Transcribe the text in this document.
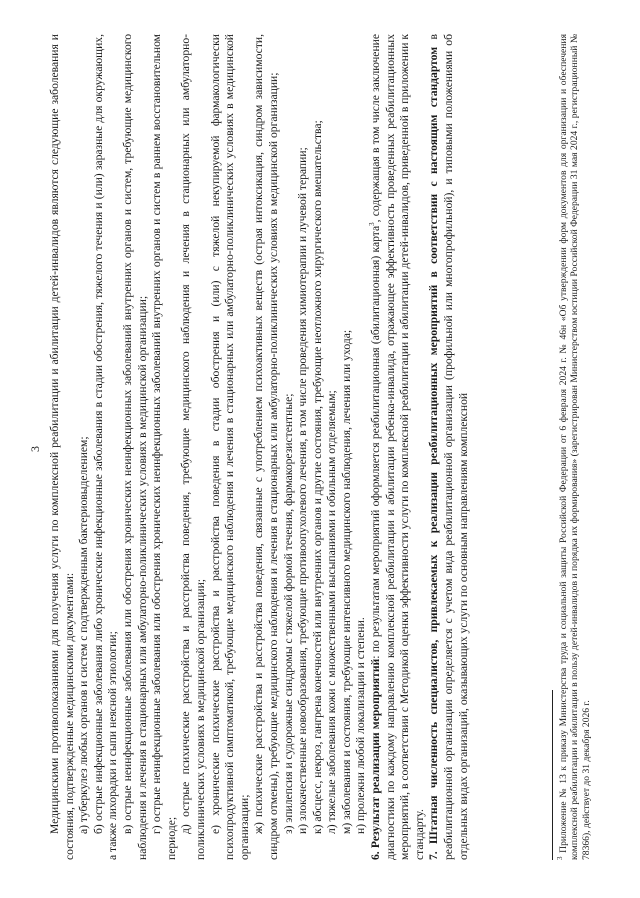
3 Медицинскими противопоказаниями для получения услуги по комплексной реабилитации и абилитации детей-инвалидов являются следующие заболевания и состояния, подтвержденные медицинскими документами: а) туберкулез любых органов и систем с подтвержденным бактериовыделением; б) острые инфекционные заболевания либо хронические инфекционные заболевания в стадии обострения, тяжелого течения и (или) заразные для окружающих, а также лихорадки и сыпи неясной этиологии; в) острые неинфекционные заболевания или обострения хронических неинфекционных заболеваний внутренних органов и систем, требующие медицинского наблюдения и лечения в стационарных или амбулаторно-поликлинических условиях в медицинской организации; г) острые неинфекционные заболевания или обострения хронических неинфекционных заболеваний внутренних органов и систем в раннем восстановительном периоде;

д) острые психические расстройства и расстройства поведения, требующие медицинского наблюдения и лечения в стационарных или амбулаторно-поликлинических условиях в медицинской организации; е) хронические психические расстройства и расстройства поведения в стадии обострения и (или) с тяжелой некупируемой фармакологически психопродуктивной симптоматикой, требующие медицинского наблюдения и лечения в стационарных или амбулаторно-поликлинических условиях в медицинской организации; ж) психические расстройства и расстройства поведения, связанные с употреблением психоактивных веществ (острая интоксикация, синдром зависимости, синдром отмены), требующие медицинского наблюдения и лечения в стационарных или амбулаторно-поликлинических условиях в медицинской организации; з) эпилепсия и судорожные синдромы с тяжелой формой течения, фармакорезистентные; и) злокачественные новообразования, требующие противоопухолевого лечения, в том числе проведения химиотерапии и лучевой терапии; к) абсцесс, некроз, гангрена конечностей или внутренних органов и другие состояния, требующие неотложного хирургического вмешательства; л) тяжелые заболевания кожи с множественными высыпаниями и обильным отделяемым; м) заболевания и состояния, требующие интенсивного медицинского наблюдения, лечения или ухода; н) пролежни любой локализации и степени. 6. Результат реализации мероприятий: по результатам мероприятий оформляется реабилитационная (абилитационная) карта$^3$, содержащая в том числе заключение диагностики по каждому направлению комплексной реабилитации и абилитации ребенка-инвалида, отражающее эффективность проведенных реабилитационных мероприятий, в соответствии с Методикой оценки эффективности услуги по комплексной реабилитации и абилитации детей-инвалидов, приведенной в приложении к стандарту. 7. Штатная численность специалистов, привлекаемых к реализации реабилитационных мероприятий в соответствии с настоящим стандартом в реабилитационной организации определяется с учетом вида реабилитационной организации (профильной или многопрофильной), и типовыми положениями об отдельных видах организаций, оказывающих услуги по основным направлениям комплексной	$^3$ Приложение № 13 к приказу Министерства труда и социальной защиты Российской Федерации от 6 февраля 2024 г. № 46н «Об утверждении форм документов для организации и обеспечения комплексной реабилитации и абилитации в пользу детей-инвалидов и порядка их формирования» (зарегистрирован Министерством юстиции Российской Федерации 31 мая 2024 г., регистрационный № 78366), действует до 31 декабря 2026 г.
